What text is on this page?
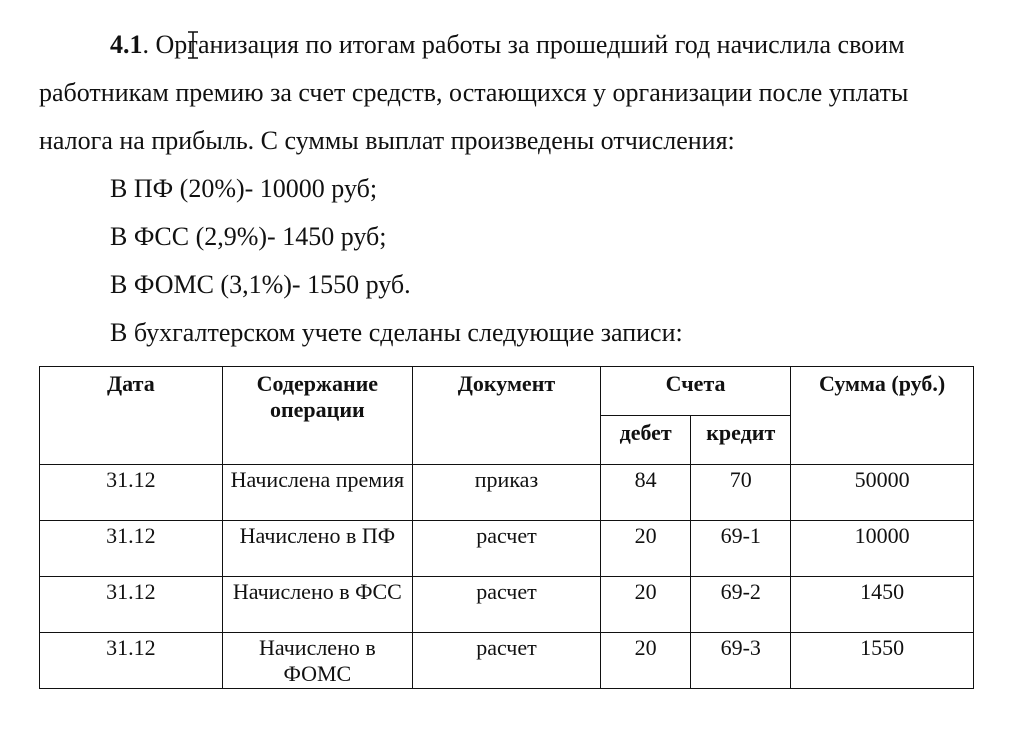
4.1. Организация по итогам работы за прошедший год начислила своим
работникам премию за счет средств, остающихся у организации после уплаты
налога на прибыль. С суммы выплат произведены отчисления:
В ПФ (20%)- 10000 руб;
В ФСС (2,9%)- 1450 руб;
В ФОМС (3,1%)- 1550 руб.
В бухгалтерском учете сделаны следующие записи:
Дата	Содержание операции	Документ	Счета		Сумма (руб.)
			дебет	кредит	
31.12	Начислена премия	приказ	84	70	50000
31.12	Начислено в ПФ	расчет	20	69-1	10000
31.12	Начислено в ФСС	расчет	20	69-2	1450
31.12	Начислено в ФОМС	расчет	20	69-3	1550
